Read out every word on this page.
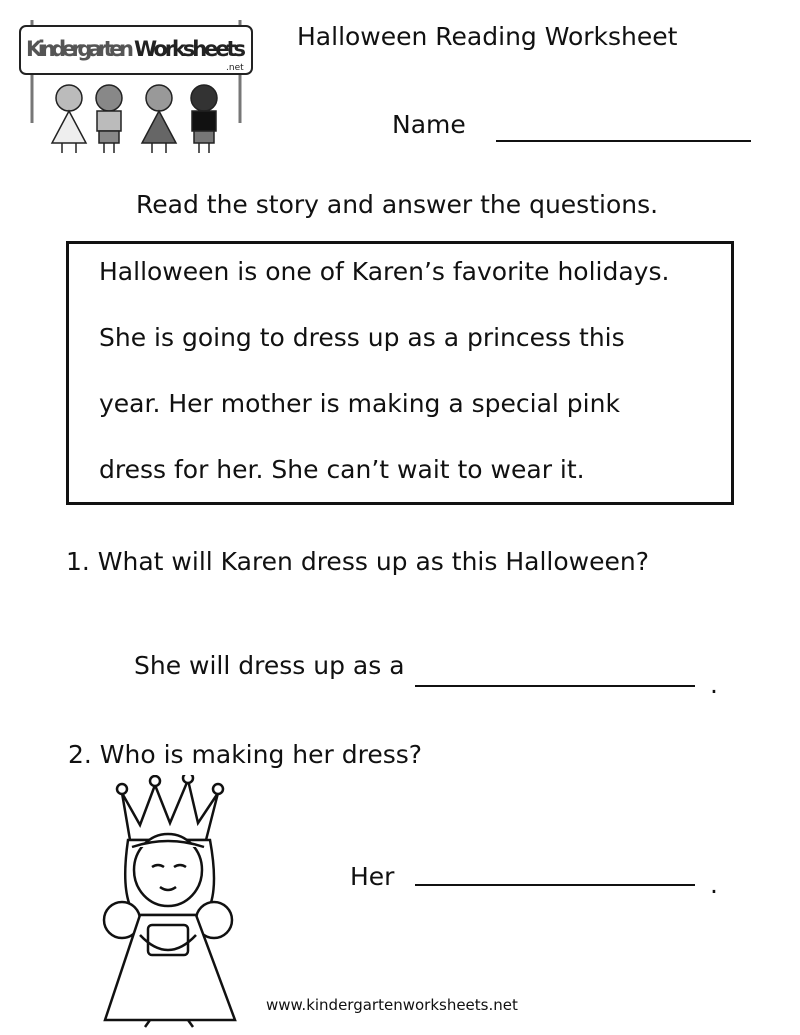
Kindergarten Worksheets
.net
Halloween Reading Worksheet
Name
Read the story and answer the questions.
Halloween is one of Karen’s favorite holidays.
She is going to dress up as a princess this
year. Her mother is making a special pink
dress for her. She can’t wait to wear it.
1. What will Karen dress up as this Halloween?
She will dress up as a
.
2. Who is making her dress?
Her	.
www.kindergartenworksheets.net
